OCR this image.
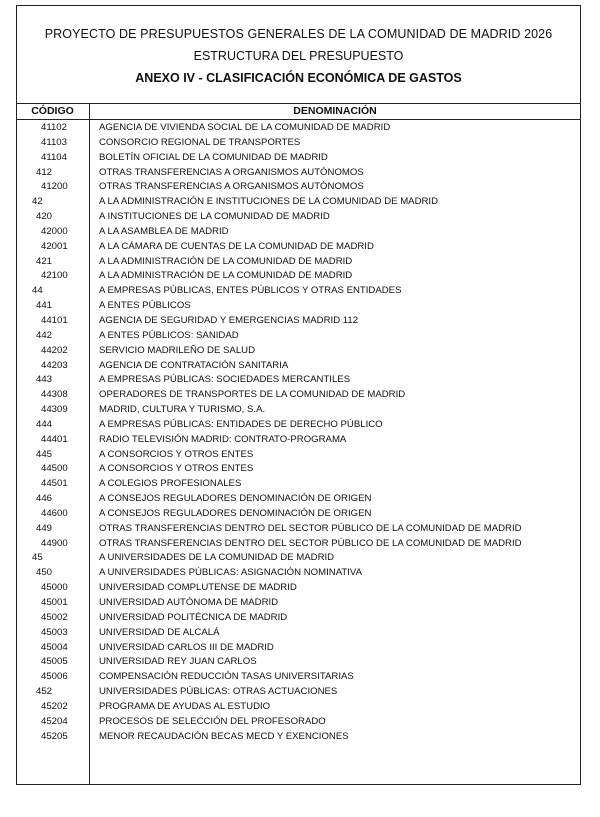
PROYECTO DE PRESUPUESTOS GENERALES DE LA COMUNIDAD DE MADRID 2026
ESTRUCTURA DEL PRESUPUESTO
ANEXO IV - CLASIFICACIÓN ECONÓMICA DE GASTOS
CÓDIGO	DENOMINACIÓN
41102	AGENCIA DE VIVIENDA SOCIAL DE LA COMUNIDAD DE MADRID
41103	CONSORCIO REGIONAL DE TRANSPORTES
41104	BOLETÍN OFICIAL DE LA COMUNIDAD DE MADRID
412	OTRAS TRANSFERENCIAS A ORGANISMOS AUTÓNOMOS
41200	OTRAS TRANSFERENCIAS A ORGANISMOS AUTÓNOMOS
42	A LA ADMINISTRACIÓN E INSTITUCIONES DE LA COMUNIDAD DE MADRID
420	A INSTITUCIONES DE LA COMUNIDAD DE MADRID
42000	A LA ASAMBLEA DE MADRID
42001	A LA CÁMARA DE CUENTAS DE LA COMUNIDAD DE MADRID
421	A LA ADMINISTRACIÓN DE LA COMUNIDAD DE MADRID
42100	A LA ADMINISTRACIÓN DE LA COMUNIDAD DE MADRID
44	A EMPRESAS PÚBLICAS, ENTES PÚBLICOS Y OTRAS ENTIDADES
441	A ENTES PÚBLICOS
44101	AGENCIA DE SEGURIDAD Y EMERGENCIAS MADRID 112
442	A ENTES PÚBLICOS: SANIDAD
44202	SERVICIO MADRILEÑO DE SALUD
44203	AGENCIA DE CONTRATACIÓN SANITARIA
443	A EMPRESAS PÚBLICAS: SOCIEDADES MERCANTILES
44308	OPERADORES DE TRANSPORTES DE LA COMUNIDAD DE MADRID
44309	MADRID, CULTURA Y TURISMO, S.A.
444	A EMPRESAS PÚBLICAS: ENTIDADES DE DERECHO PÚBLICO
44401	RADIO TELEVISIÓN MADRID: CONTRATO-PROGRAMA
445	A CONSORCIOS Y OTROS ENTES
44500	A CONSORCIOS Y OTROS ENTES
44501	A COLEGIOS PROFESIONALES
446	A CONSEJOS REGULADORES DENOMINACIÓN DE ORIGEN
44600	A CONSEJOS REGULADORES DENOMINACIÓN DE ORIGEN
449	OTRAS TRANSFERENCIAS DENTRO DEL SECTOR PÚBLICO DE LA COMUNIDAD DE MADRID
44900	OTRAS TRANSFERENCIAS DENTRO DEL SECTOR PÚBLICO DE LA COMUNIDAD DE MADRID
45	A UNIVERSIDADES DE LA COMUNIDAD DE MADRID
450	A UNIVERSIDADES PÚBLICAS: ASIGNACIÓN NOMINATIVA
45000	UNIVERSIDAD COMPLUTENSE DE MADRID
45001	UNIVERSIDAD AUTÓNOMA DE MADRID
45002	UNIVERSIDAD POLITÉCNICA DE MADRID
45003	UNIVERSIDAD DE ALCALÁ
45004	UNIVERSIDAD CARLOS III DE MADRID
45005	UNIVERSIDAD REY JUAN CARLOS
45006	COMPENSACIÓN REDUCCIÓN TASAS UNIVERSITARIAS
452	UNIVERSIDADES PÚBLICAS: OTRAS ACTUACIONES
45202	PROGRAMA DE AYUDAS AL ESTUDIO
45204	PROCESOS DE SELECCIÓN DEL PROFESORADO
45205	MENOR RECAUDACIÓN BECAS MECD Y EXENCIONES
